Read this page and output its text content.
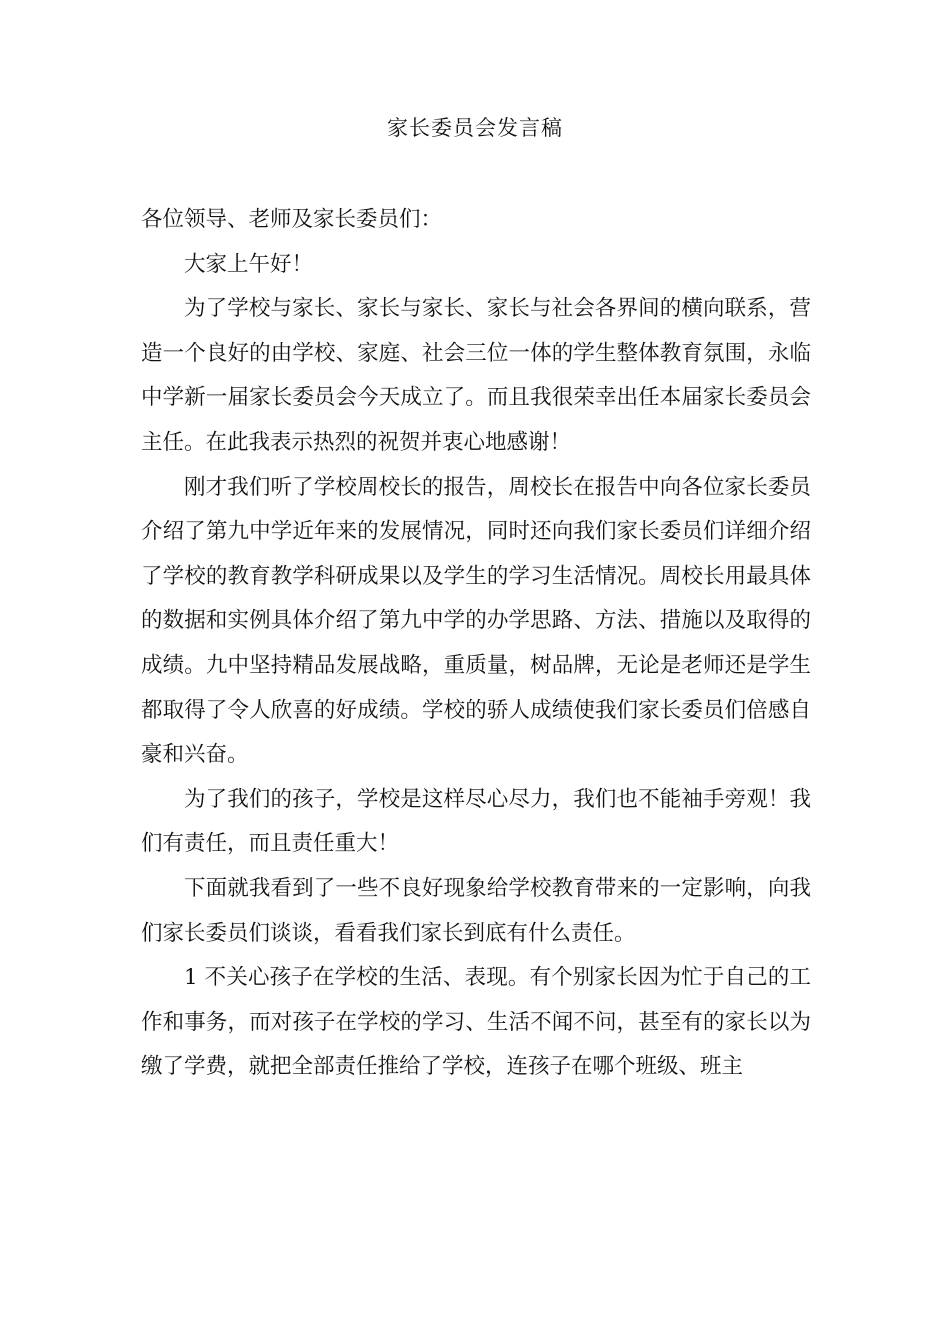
家长委员会发言稿

各位领导、老师及家长委员们：

大家上午好！

为了学校与家长、家长与家长、家长与社会各界间的横向联系，营造一个良好的由学校、家庭、社会三位一体的学生整体教育氛围，永临中学新一届家长委员会今天成立了。而且我很荣幸出任本届家长委员会主任。在此我表示热烈的祝贺并衷心地感谢！

刚才我们听了学校周校长的报告，周校长在报告中向各位家长委员介绍了第九中学近年来的发展情况，同时还向我们家长委员们详细介绍了学校的教育教学科研成果以及学生的学习生活情况。周校长用最具体的数据和实例具体介绍了第九中学的办学思路、方法、措施以及取得的成绩。九中坚持精品发展战略，重质量，树品牌，无论是老师还是学生都取得了令人欣喜的好成绩。学校的骄人成绩使我们家长委员们倍感自豪和兴奋。

为了我们的孩子，学校是这样尽心尽力，我们也不能袖手旁观！我们有责任，而且责任重大！

下面就我看到了一些不良好现象给学校教育带来的一定影响，向我们家长委员们谈谈，看看我们家长到底有什么责任。

1 不关心孩子在学校的生活、表现。有个别家长因为忙于自己的工作和事务，而对孩子在学校的学习、生活不闻不问，甚至有的家长以为缴了学费，就把全部责任推给了学校，连孩子在哪个班级、班主
